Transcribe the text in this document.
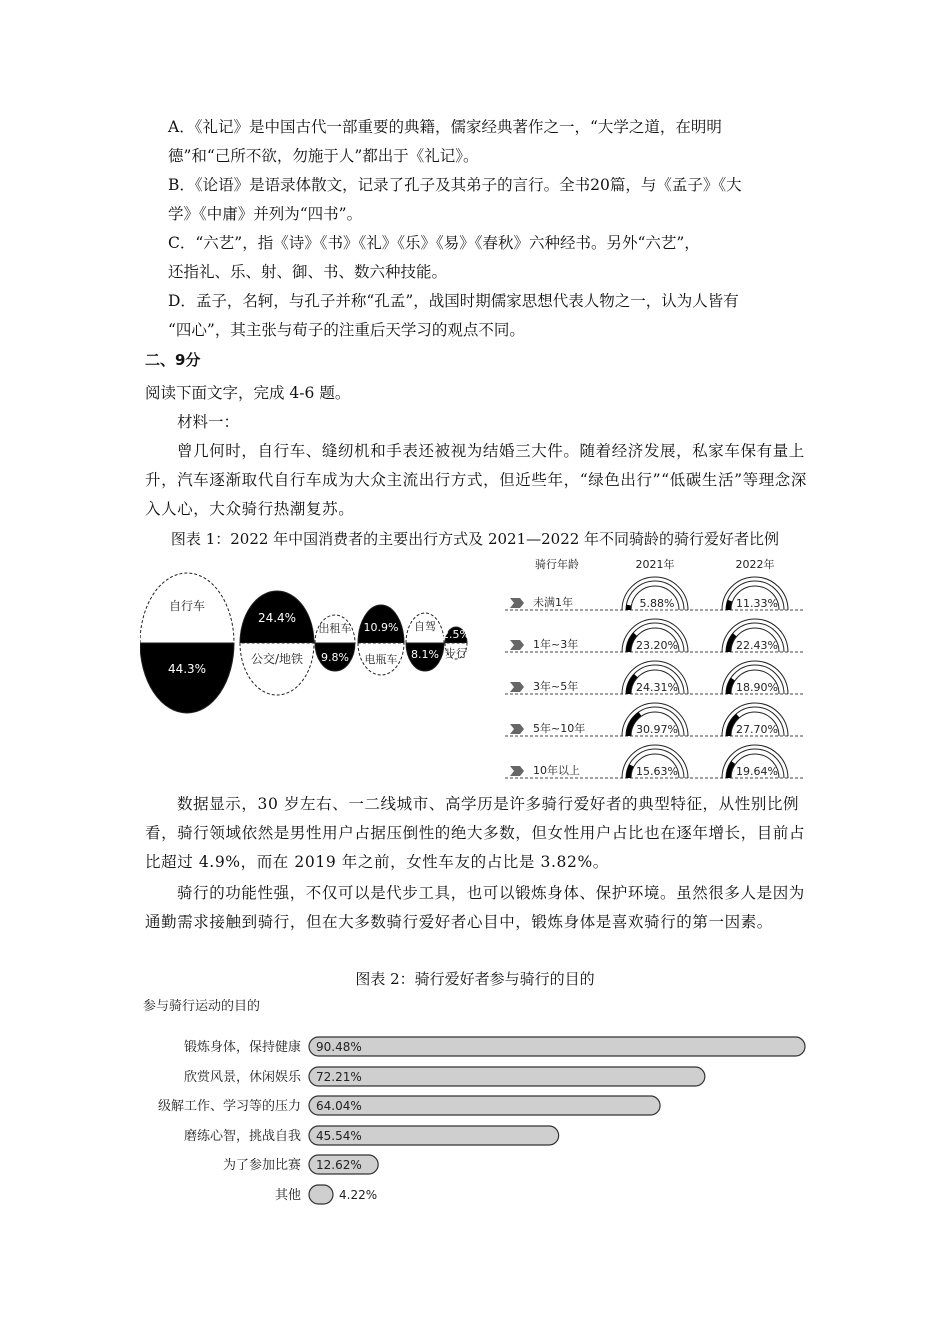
A．《礼记》是中国古代一部重要的典籍，儒家经典著作之一，“大学之道，在明明
德”和“己所不欲，勿施于人”都出于《礼记》。
B．《论语》是语录体散文，记录了孔子及其弟子的言行。全书20篇，与《孟子》《大
学》《中庸》并列为“四书”。
C．“六艺”，指《诗》《书》《礼》《乐》《易》《春秋》六种经书。另外“六艺”，
还指礼、乐、射、御、书、数六种技能。
D．孟子，名轲，与孔子并称“孔孟”，战国时期儒家思想代表人物之一，认为人皆有
“四心”，其主张与荀子的注重后天学习的观点不同。
二、9分
阅读下面文字，完成 4-6 题。
材料一：
曾几何时，自行车、缝纫机和手表还被视为结婚三大件。随着经济发展，私家车保有量上升，汽车逐渐取代自行车成为大众主流出行方式，但近些年，“绿色出行”“低碳生活”等理念深入人心，大众骑行热潮复苏。
图表 1：2022 年中国消费者的主要出行方式及 2021—2022 年不同骑龄的骑行爱好者比例
自行车
44.3%
24.4%
公交/地铁
出租车
9.8%
10.9%
电瓶车
自驾
8.1%
2.5%
步行
骑行年龄	2021年	2022年
未满1年	5.88%	11.33%
1年~3年	23.20%	22.43%
3年~5年	24.31%	18.90%
5年~10年	30.97%	27.70%
10年以上	15.63%	19.64%
数据显示，30 岁左右、一二线城市、高学历是许多骑行爱好者的典型特征，从性别比例看，骑行领域依然是男性用户占据压倒性的绝大多数，但女性用户占比也在逐年增长，目前占比超过 4.9%，而在 2019 年之前，女性车友的占比是 3.82%。
骑行的功能性强，不仅可以是代步工具，也可以锻炼身体、保护环境。虽然很多人是因为通勤需求接触到骑行，但在大多数骑行爱好者心目中，锻炼身体是喜欢骑行的第一因素。
图表 2：骑行爱好者参与骑行的目的
参与骑行运动的目的
锻炼身体，保持健康 90.48%
欣赏风景，休闲娱乐 72.21%
级解工作、学习等的压力 64.04%
磨练心智，挑战自我 45.54%
为了参加比赛 12.62%
其他	4.22%
